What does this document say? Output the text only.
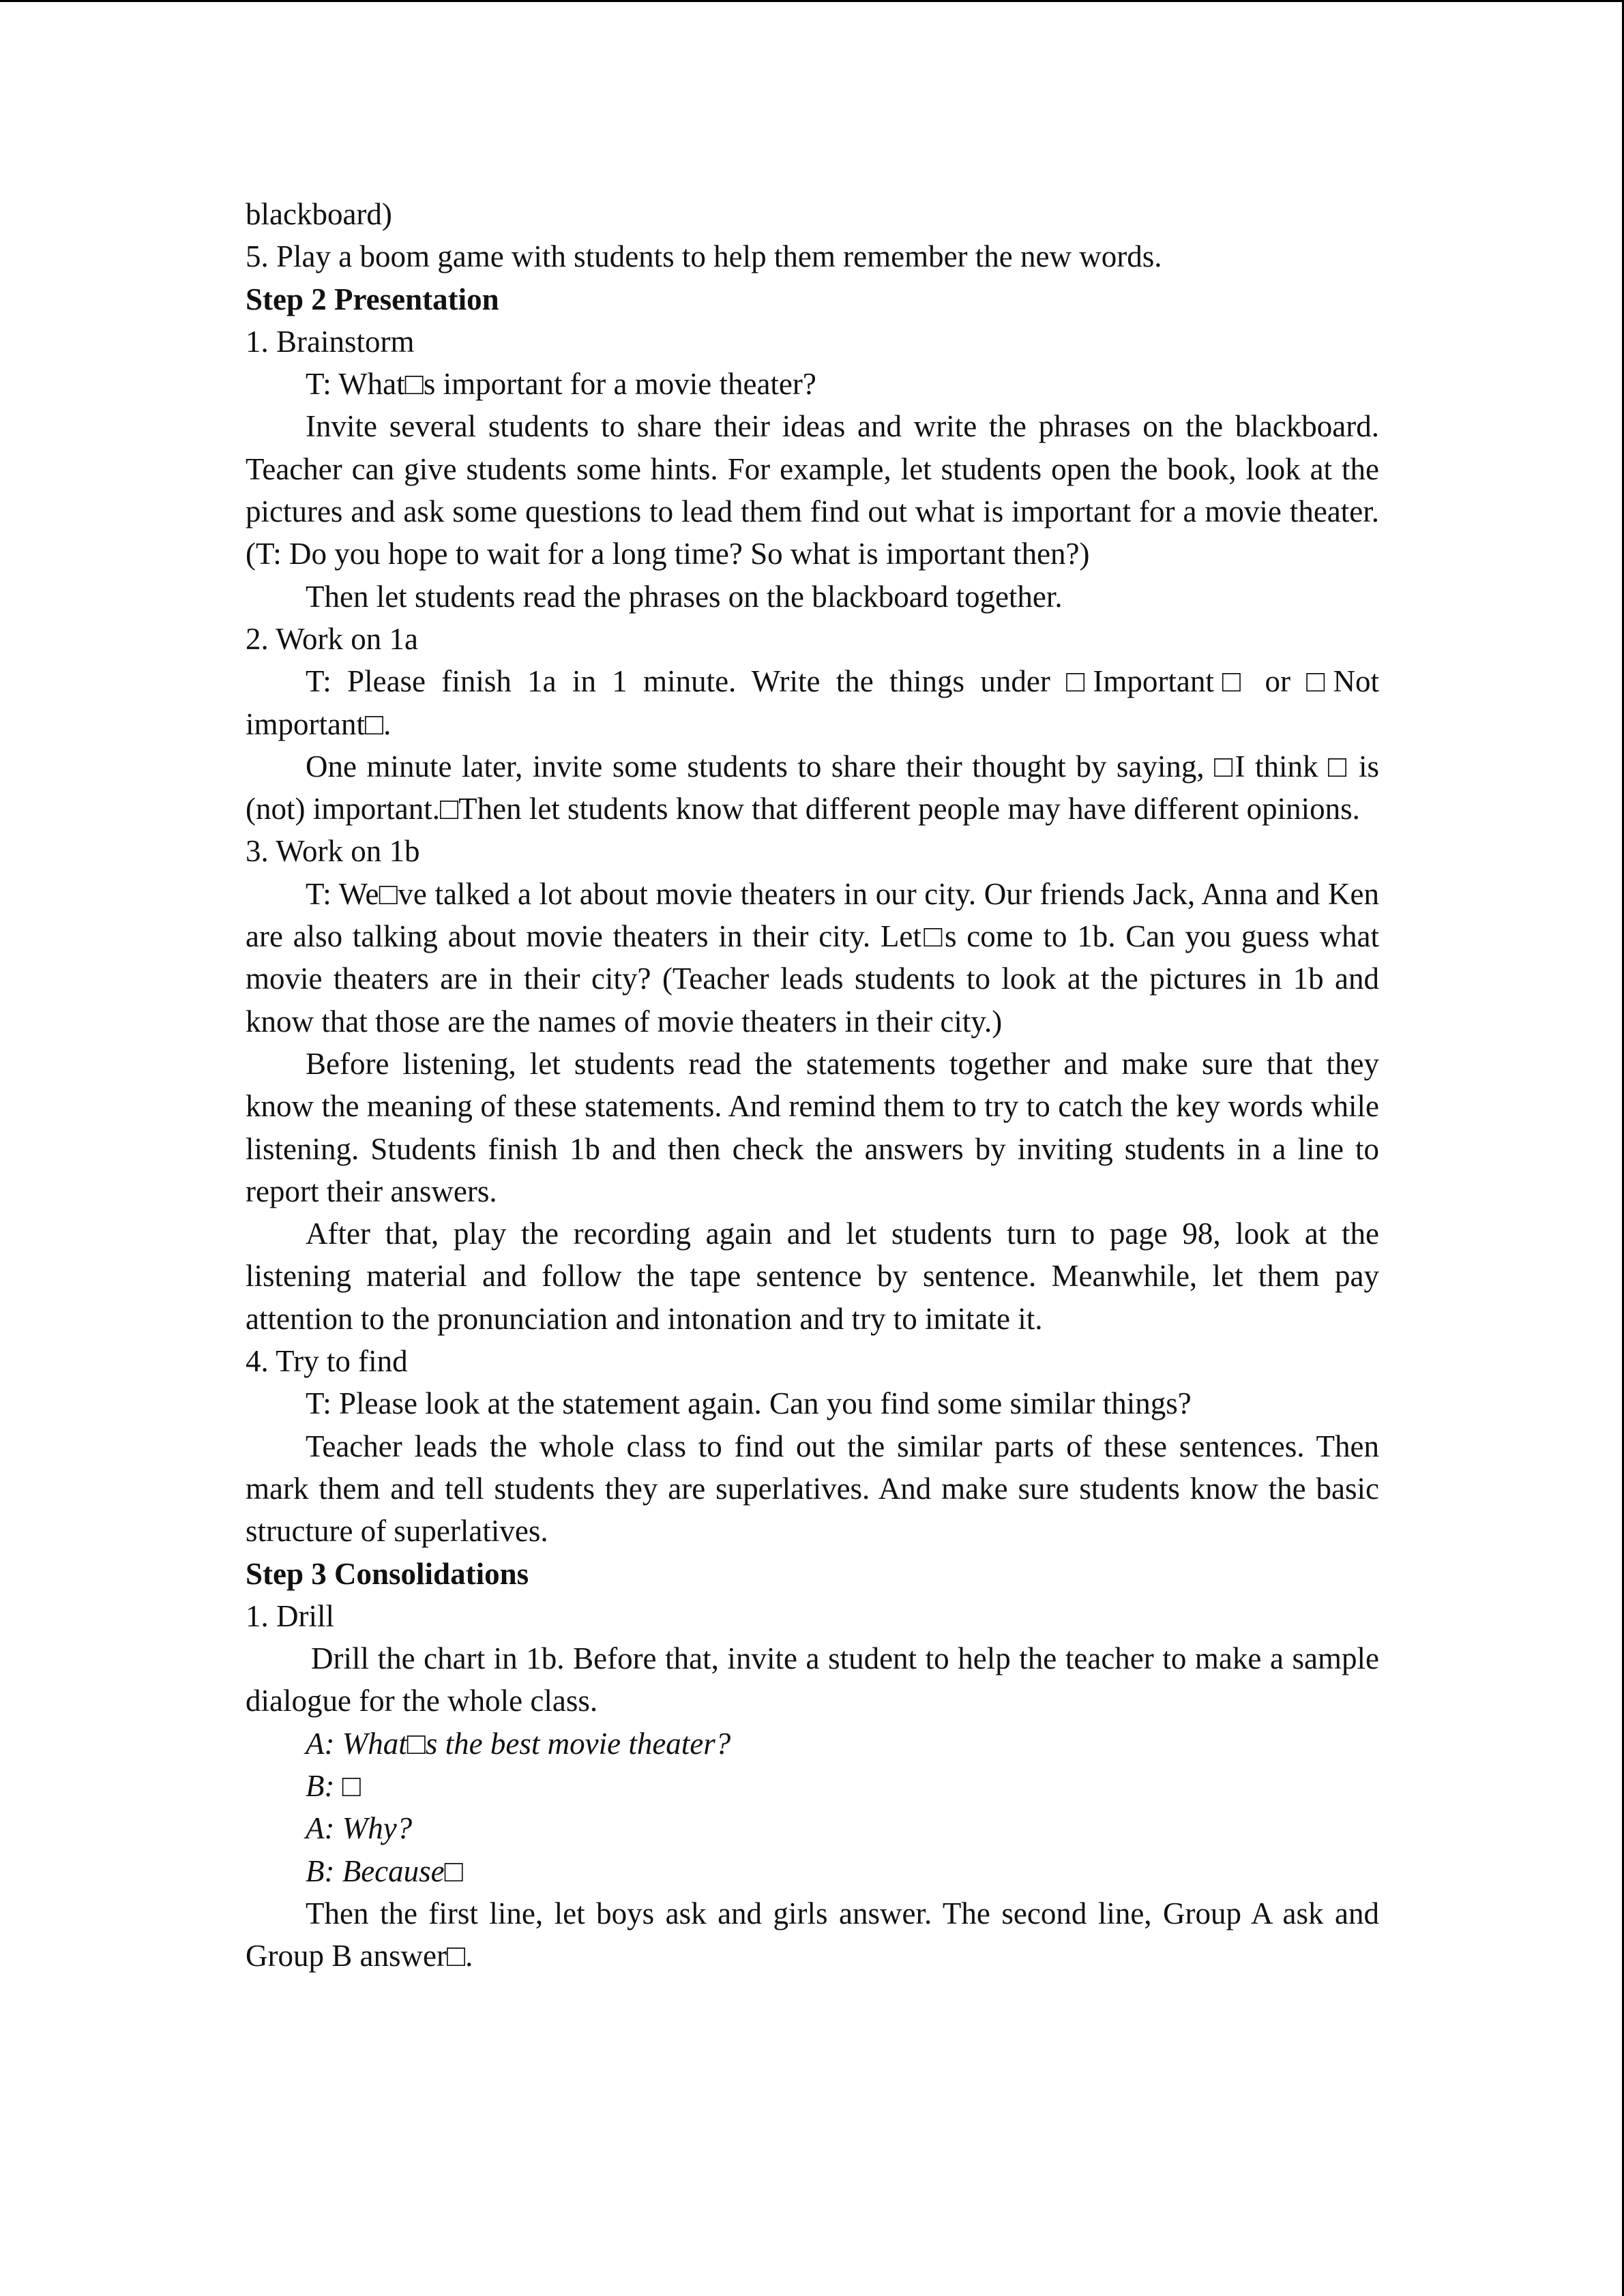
blackboard)

5. Play a boom game with students to help them remember the new words.

Step 2 Presentation

1. Brainstorm

T: What□s important for a movie theater?

Invite several students to share their ideas and write the phrases on the blackboard. Teacher can give students some hints. For example, let students open the book, look at the pictures and ask some questions to lead them find out what is important for a movie theater. (T: Do you hope to wait for a long time? So what is important then?)

Then let students read the phrases on the blackboard together.

2. Work on 1a

T: Please finish 1a in 1 minute. Write the things under □Important□ or □Not important□.

One minute later, invite some students to share their thought by saying, □I think □ is (not) important.□Then let students know that different people may have different opinions.

3. Work on 1b

T: We□ve talked a lot about movie theaters in our city. Our friends Jack, Anna and Ken are also talking about movie theaters in their city. Let□s come to 1b. Can you guess what movie theaters are in their city? (Teacher leads students to look at the pictures in 1b and know that those are the names of movie theaters in their city.)

Before listening, let students read the statements together and make sure that they know the meaning of these statements. And remind them to try to catch the key words while listening. Students finish 1b and then check the answers by inviting students in a line to report their answers.

After that, play the recording again and let students turn to page 98, look at the listening material and follow the tape sentence by sentence. Meanwhile, let them pay attention to the pronunciation and intonation and try to imitate it.

4. Try to find

T: Please look at the statement again. Can you find some similar things?

Teacher leads the whole class to find out the similar parts of these sentences. Then mark them and tell students they are superlatives. And make sure students know the basic structure of superlatives.

Step 3 Consolidations

1. Drill

Drill the chart in 1b. Before that, invite a student to help the teacher to make a sample dialogue for the whole class.

A: What□s the best movie theater?

B: □

A: Why?

B: Because□

Then the first line, let boys ask and girls answer. The second line, Group A ask and Group B answer□.
